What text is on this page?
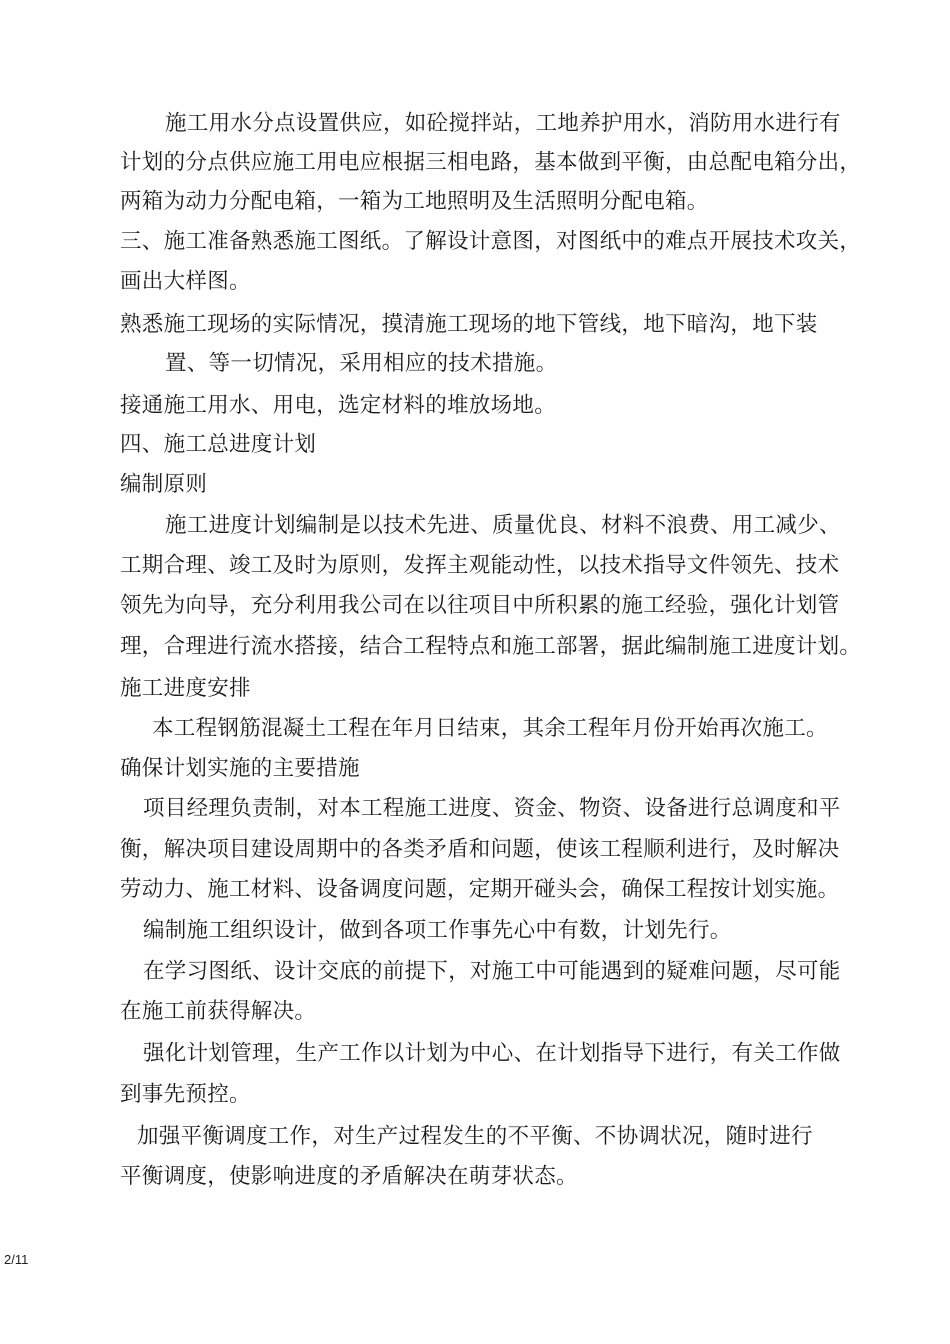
施工用水分点设置供应，如砼搅拌站，工地养护用水，消防用水进行有
计划的分点供应施工用电应根据三相电路，基本做到平衡，由总配电箱分出，
两箱为动力分配电箱，一箱为工地照明及生活照明分配电箱。
三、施工准备熟悉施工图纸。了解设计意图，对图纸中的难点开展技术攻关，
画出大样图。
熟悉施工现场的实际情况，摸清施工现场的地下管线，地下暗沟，地下装
置、等一切情况，采用相应的技术措施。
接通施工用水、用电，选定材料的堆放场地。
四、施工总进度计划
编制原则
施工进度计划编制是以技术先进、质量优良、材料不浪费、用工减少、
工期合理、竣工及时为原则，发挥主观能动性，以技术指导文件领先、技术
领先为向导，充分利用我公司在以往项目中所积累的施工经验，强化计划管
理，合理进行流水搭接，结合工程特点和施工部署，据此编制施工进度计划。
施工进度安排
本工程钢筋混凝土工程在年月日结束，其余工程年月份开始再次施工。
确保计划实施的主要措施
项目经理负责制，对本工程施工进度、资金、物资、设备进行总调度和平
衡，解决项目建设周期中的各类矛盾和问题，使该工程顺利进行，及时解决
劳动力、施工材料、设备调度问题，定期开碰头会，确保工程按计划实施。
编制施工组织设计，做到各项工作事先心中有数，计划先行。
在学习图纸、设计交底的前提下，对施工中可能遇到的疑难问题，尽可能
在施工前获得解决。
强化计划管理，生产工作以计划为中心、在计划指导下进行，有关工作做
到事先预控。
加强平衡调度工作，对生产过程发生的不平衡、不协调状况，随时进行
平衡调度，使影响进度的矛盾解决在萌芽状态。
2/11
